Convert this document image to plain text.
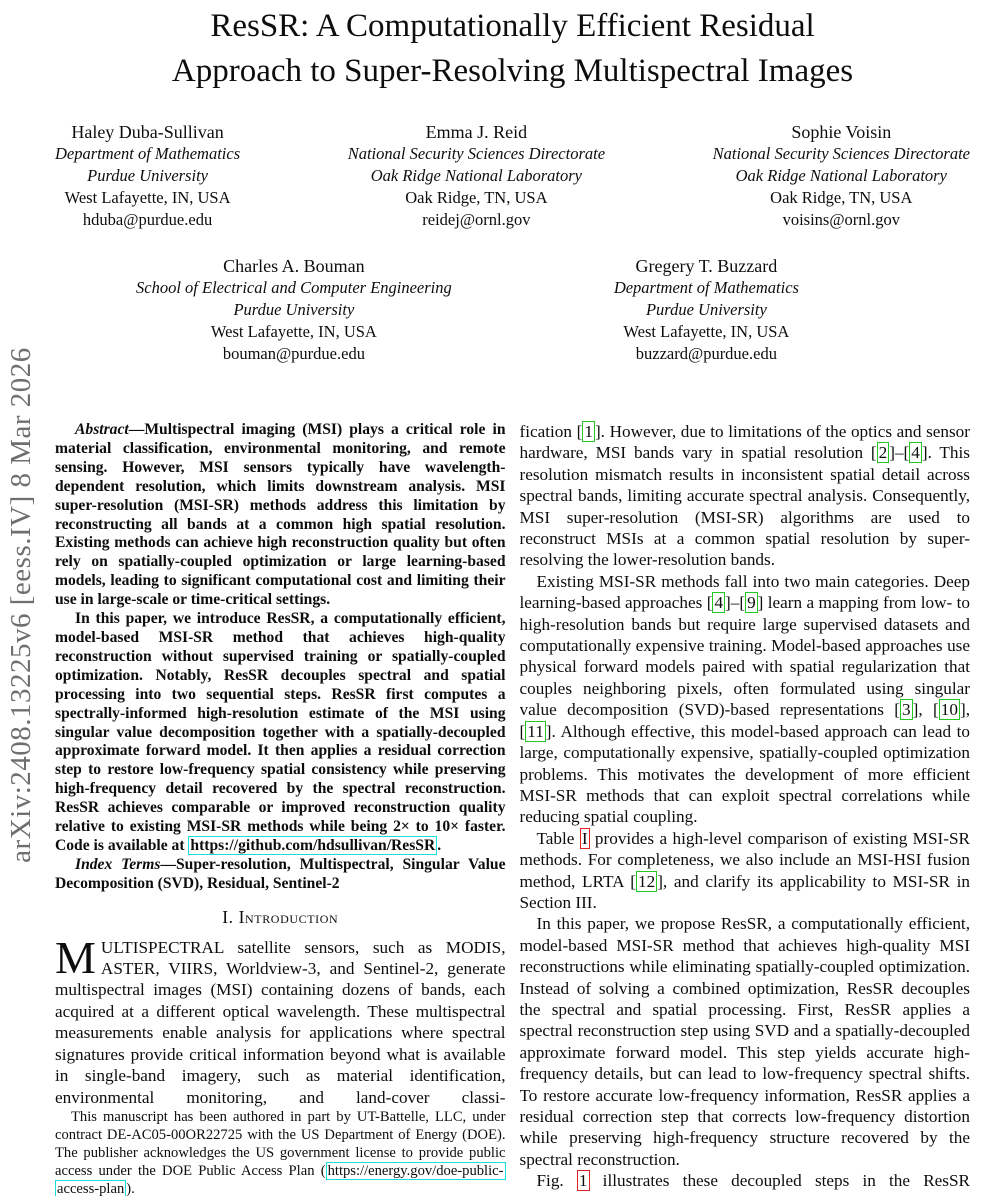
arXiv:2408.13225v6 [eess.IV] 8 Mar 2026
ResSR: A Computationally Efficient Residual
Approach to Super-Resolving Multispectral Images
Haley Duba-Sullivan
Department of Mathematics
Purdue University
West Lafayette, IN, USA
hduba@purdue.edu
Emma J. Reid
National Security Sciences Directorate
Oak Ridge National Laboratory
Oak Ridge, TN, USA
reidej@ornl.gov
Sophie Voisin
National Security Sciences Directorate
Oak Ridge National Laboratory
Oak Ridge, TN, USA
voisins@ornl.gov
Charles A. Bouman
School of Electrical and Computer Engineering
Purdue University
West Lafayette, IN, USA
bouman@purdue.edu
Gregery T. Buzzard
Department of Mathematics
Purdue University
West Lafayette, IN, USA
buzzard@purdue.edu

Abstract—Multispectral imaging (MSI) plays a critical role in material classification, environmental monitoring, and remote sensing. However, MSI sensors typically have wavelength-dependent resolution, which limits downstream analysis. MSI super-resolution (MSI-SR) methods address this limitation by reconstructing all bands at a common high spatial resolution. Existing methods can achieve high reconstruction quality but often rely on spatially-coupled optimization or large learning-based models, leading to significant computational cost and limiting their use in large-scale or time-critical settings.

In this paper, we introduce ResSR, a computationally efficient, model-based MSI-SR method that achieves high-quality reconstruction without supervised training or spatially-coupled optimization. Notably, ResSR decouples spectral and spatial processing into two sequential steps. ResSR first computes a spectrally-informed high-resolution estimate of the MSI using singular value decomposition together with a spatially-decoupled approximate forward model. It then applies a residual correction step to restore low-frequency spatial consistency while preserving high-frequency detail recovered by the spectral reconstruction. ResSR achieves comparable or improved reconstruction quality relative to existing MSI-SR methods while being 2× to 10× faster. Code is available at https://github.com/hdsullivan/ResSR .

Index Terms—Super-resolution, Multispectral, Singular Value Decomposition (SVD), Residual, Sentinel-2

I. Introduction

MULTISPECTRAL satellite sensors, such as MODIS, ASTER, VIIRS, Worldview-3, and Sentinel-2, generate multispectral images (MSI) containing dozens of bands, each acquired at a different optical wavelength. These multispectral measurements enable analysis for applications where spectral signatures provide critical information beyond what is available in single-band imagery, such as material identification, environmental monitoring, and land-cover classi-

This manuscript has been authored in part by UT-Battelle, LLC, under contract DE-AC05-00OR22725 with the US Department of Energy (DOE). The publisher acknowledges the US government license to provide public access under the DOE Public Access Plan ( https://energy.gov/doe-public-access-plan ).

fication [ 1 ]. However, due to limitations of the optics and sensor hardware, MSI bands vary in spatial resolution [ 2 ]–[ 4 ]. This resolution mismatch results in inconsistent spatial detail across spectral bands, limiting accurate spectral analysis. Consequently, MSI super-resolution (MSI-SR) algorithms are used to reconstruct MSIs at a common spatial resolution by super-resolving the lower-resolution bands.

Existing MSI-SR methods fall into two main categories. Deep learning-based approaches [ 4 ]–[ 9 ] learn a mapping from low- to high-resolution bands but require large supervised datasets and computationally expensive training. Model-based approaches use physical forward models paired with spatial regularization that couples neighboring pixels, often formulated using singular value decomposition (SVD)-based representations [ 3 ], [ 10 ], [ 11 ]. Although effective, this model-based approach can lead to large, computationally expensive, spatially-coupled optimization problems. This motivates the development of more efficient MSI-SR methods that can exploit spectral correlations while reducing spatial coupling.

Table I provides a high-level comparison of existing MSI-SR methods. For completeness, we also include an MSI-HSI fusion method, LRTA [ 12 ], and clarify its applicability to MSI-SR in Section III.

In this paper, we propose ResSR, a computationally efficient, model-based MSI-SR method that achieves high-quality MSI reconstructions while eliminating spatially-coupled optimization. Instead of solving a combined optimization, ResSR decouples the spectral and spatial processing. First, ResSR applies a spectral reconstruction step using SVD and a spatially-decoupled approximate forward model. This step yields accurate high-frequency details, but can lead to low-frequency spectral shifts. To restore accurate low-frequency information, ResSR applies a residual correction step that corrects low-frequency distortion while preserving high-frequency structure recovered by the spectral reconstruction.

Fig. 1 illustrates these decoupled steps in the ResSR
